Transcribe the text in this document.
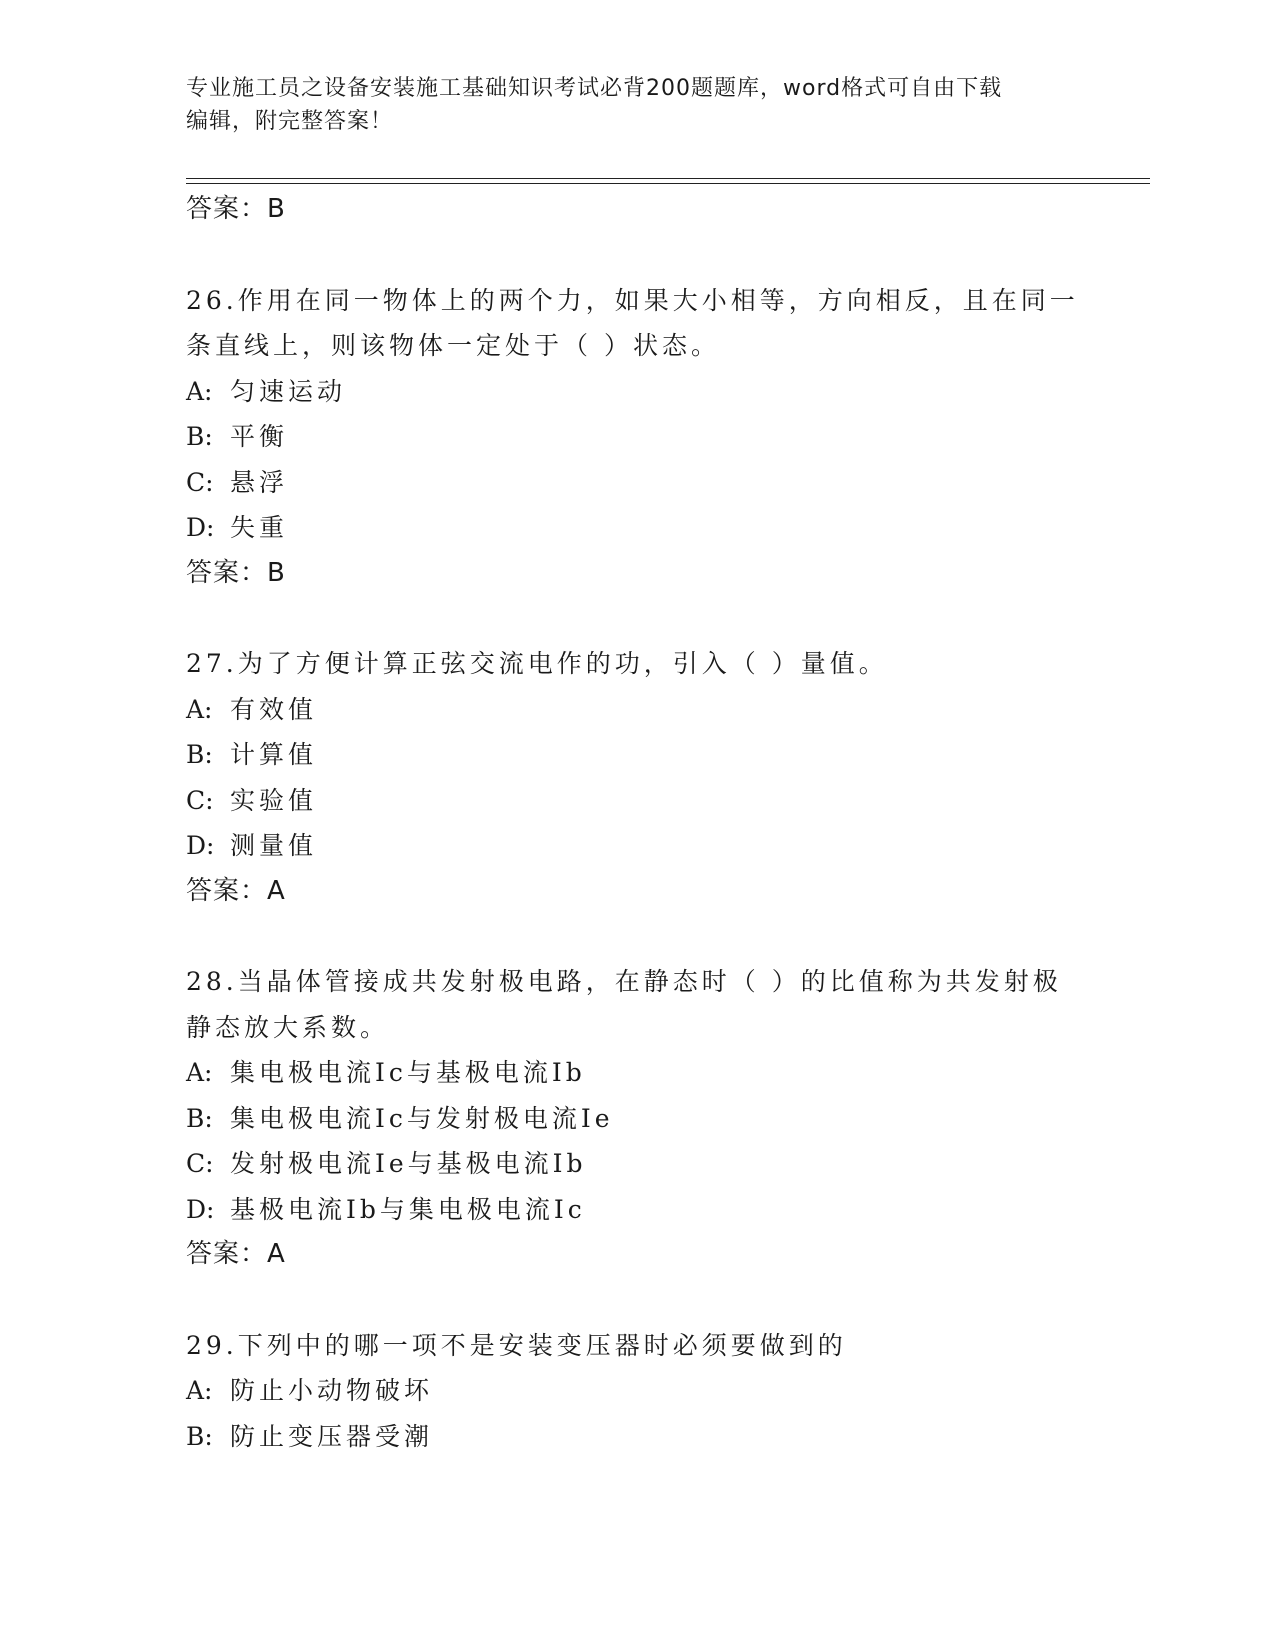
专业施工员之设备安装施工基础知识考试必背200题题库，word格式可自由下载
编辑，附完整答案！
答案：B
26.作用在同一物体上的两个力，如果大小相等，方向相反，且在同一
条直线上，则该物体一定处于（ ）状态。
A: 匀速运动
B: 平衡
C: 悬浮
D: 失重
答案：B
27.为了方便计算正弦交流电作的功，引入（ ）量值。
A: 有效值
B: 计算值
C: 实验值
D: 测量值
答案：A
28.当晶体管接成共发射极电路，在静态时（ ）的比值称为共发射极
静态放大系数。
A: 集电极电流Ic与基极电流Ib
B: 集电极电流Ic与发射极电流Ie
C: 发射极电流Ie与基极电流Ib
D: 基极电流Ib与集电极电流Ic
答案：A
29.下列中的哪一项不是安装变压器时必须要做到的
A: 防止小动物破坏
B: 防止变压器受潮
